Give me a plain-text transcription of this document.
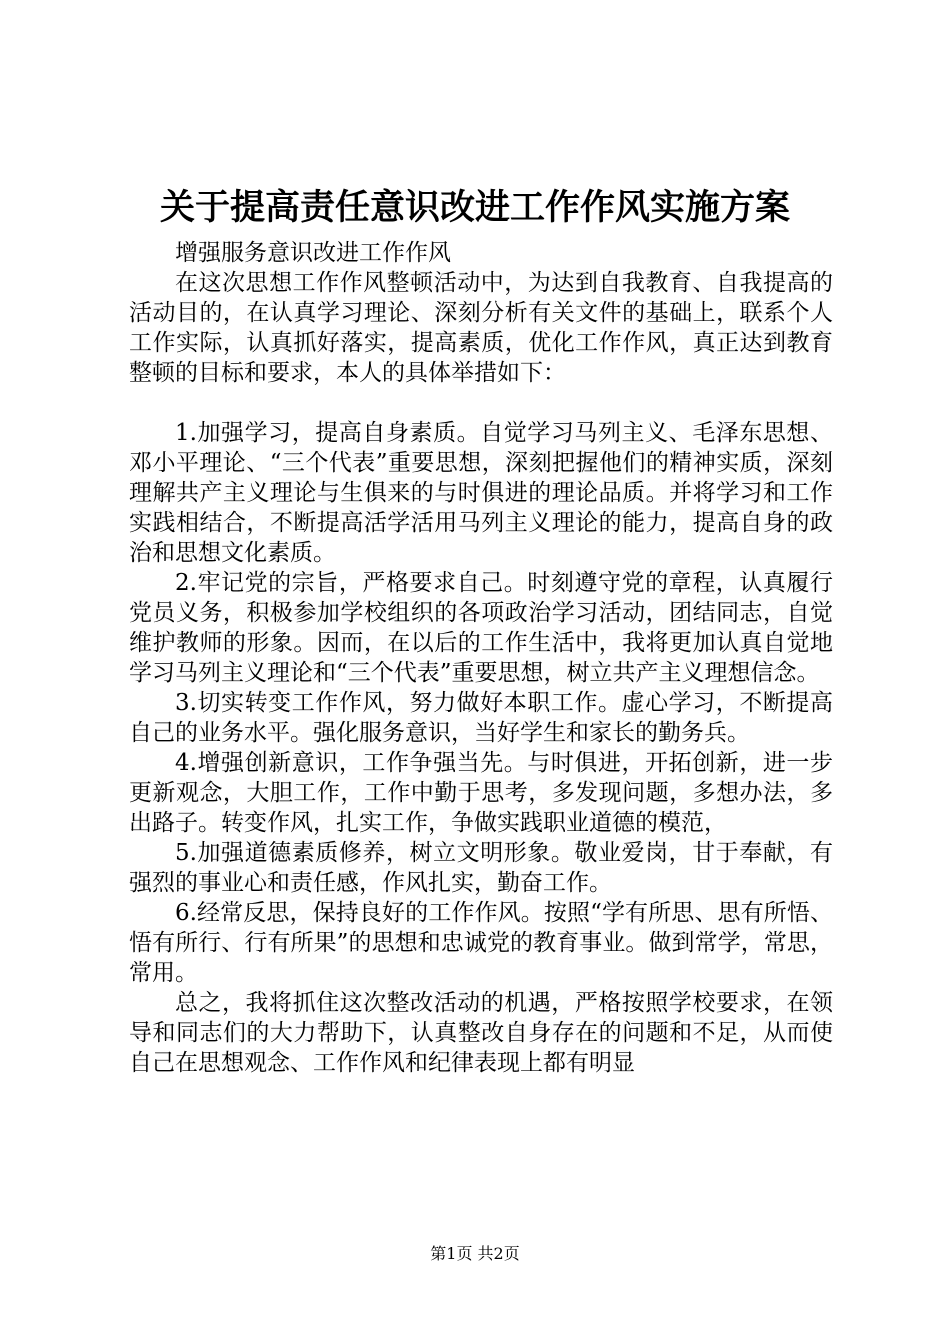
关于提高责任意识改进工作作风实施方案

增强服务意识改进工作作风

在这次思想工作作风整顿活动中，为达到自我教育、自我提高的活动目的，在认真学习理论、深刻分析有关文件的基础上，联系个人工作实际，认真抓好落实，提高素质，优化工作作风，真正达到教育整顿的目标和要求，本人的具体举措如下：

1.加强学习，提高自身素质。自觉学习马列主义、毛泽东思想、邓小平理论、“三个代表”重要思想，深刻把握他们的精神实质，深刻理解共产主义理论与生俱来的与时俱进的理论品质。并将学习和工作实践相结合，不断提高活学活用马列主义理论的能力，提高自身的政治和思想文化素质。

2.牢记党的宗旨，严格要求自己。时刻遵守党的章程，认真履行党员义务，积极参加学校组织的各项政治学习活动，团结同志，自觉维护教师的形象。因而，在以后的工作生活中，我将更加认真自觉地学习马列主义理论和“三个代表”重要思想，树立共产主义理想信念。

3.切实转变工作作风，努力做好本职工作。虚心学习，不断提高自己的业务水平。强化服务意识，当好学生和家长的勤务兵。

4.增强创新意识，工作争强当先。与时俱进，开拓创新，进一步更新观念，大胆工作，工作中勤于思考，多发现问题，多想办法，多出路子。转变作风，扎实工作，争做实践职业道德的模范，

5.加强道德素质修养，树立文明形象。敬业爱岗，甘于奉献，有强烈的事业心和责任感，作风扎实，勤奋工作。

6.经常反思，保持良好的工作作风。按照“学有所思、思有所悟、悟有所行、行有所果”的思想和忠诚党的教育事业。做到常学，常思，常用。

总之，我将抓住这次整改活动的机遇，严格按照学校要求，在领导和同志们的大力帮助下，认真整改自身存在的问题和不足，从而使自己在思想观念、工作作风和纪律表现上都有明显

第1页 共2页
